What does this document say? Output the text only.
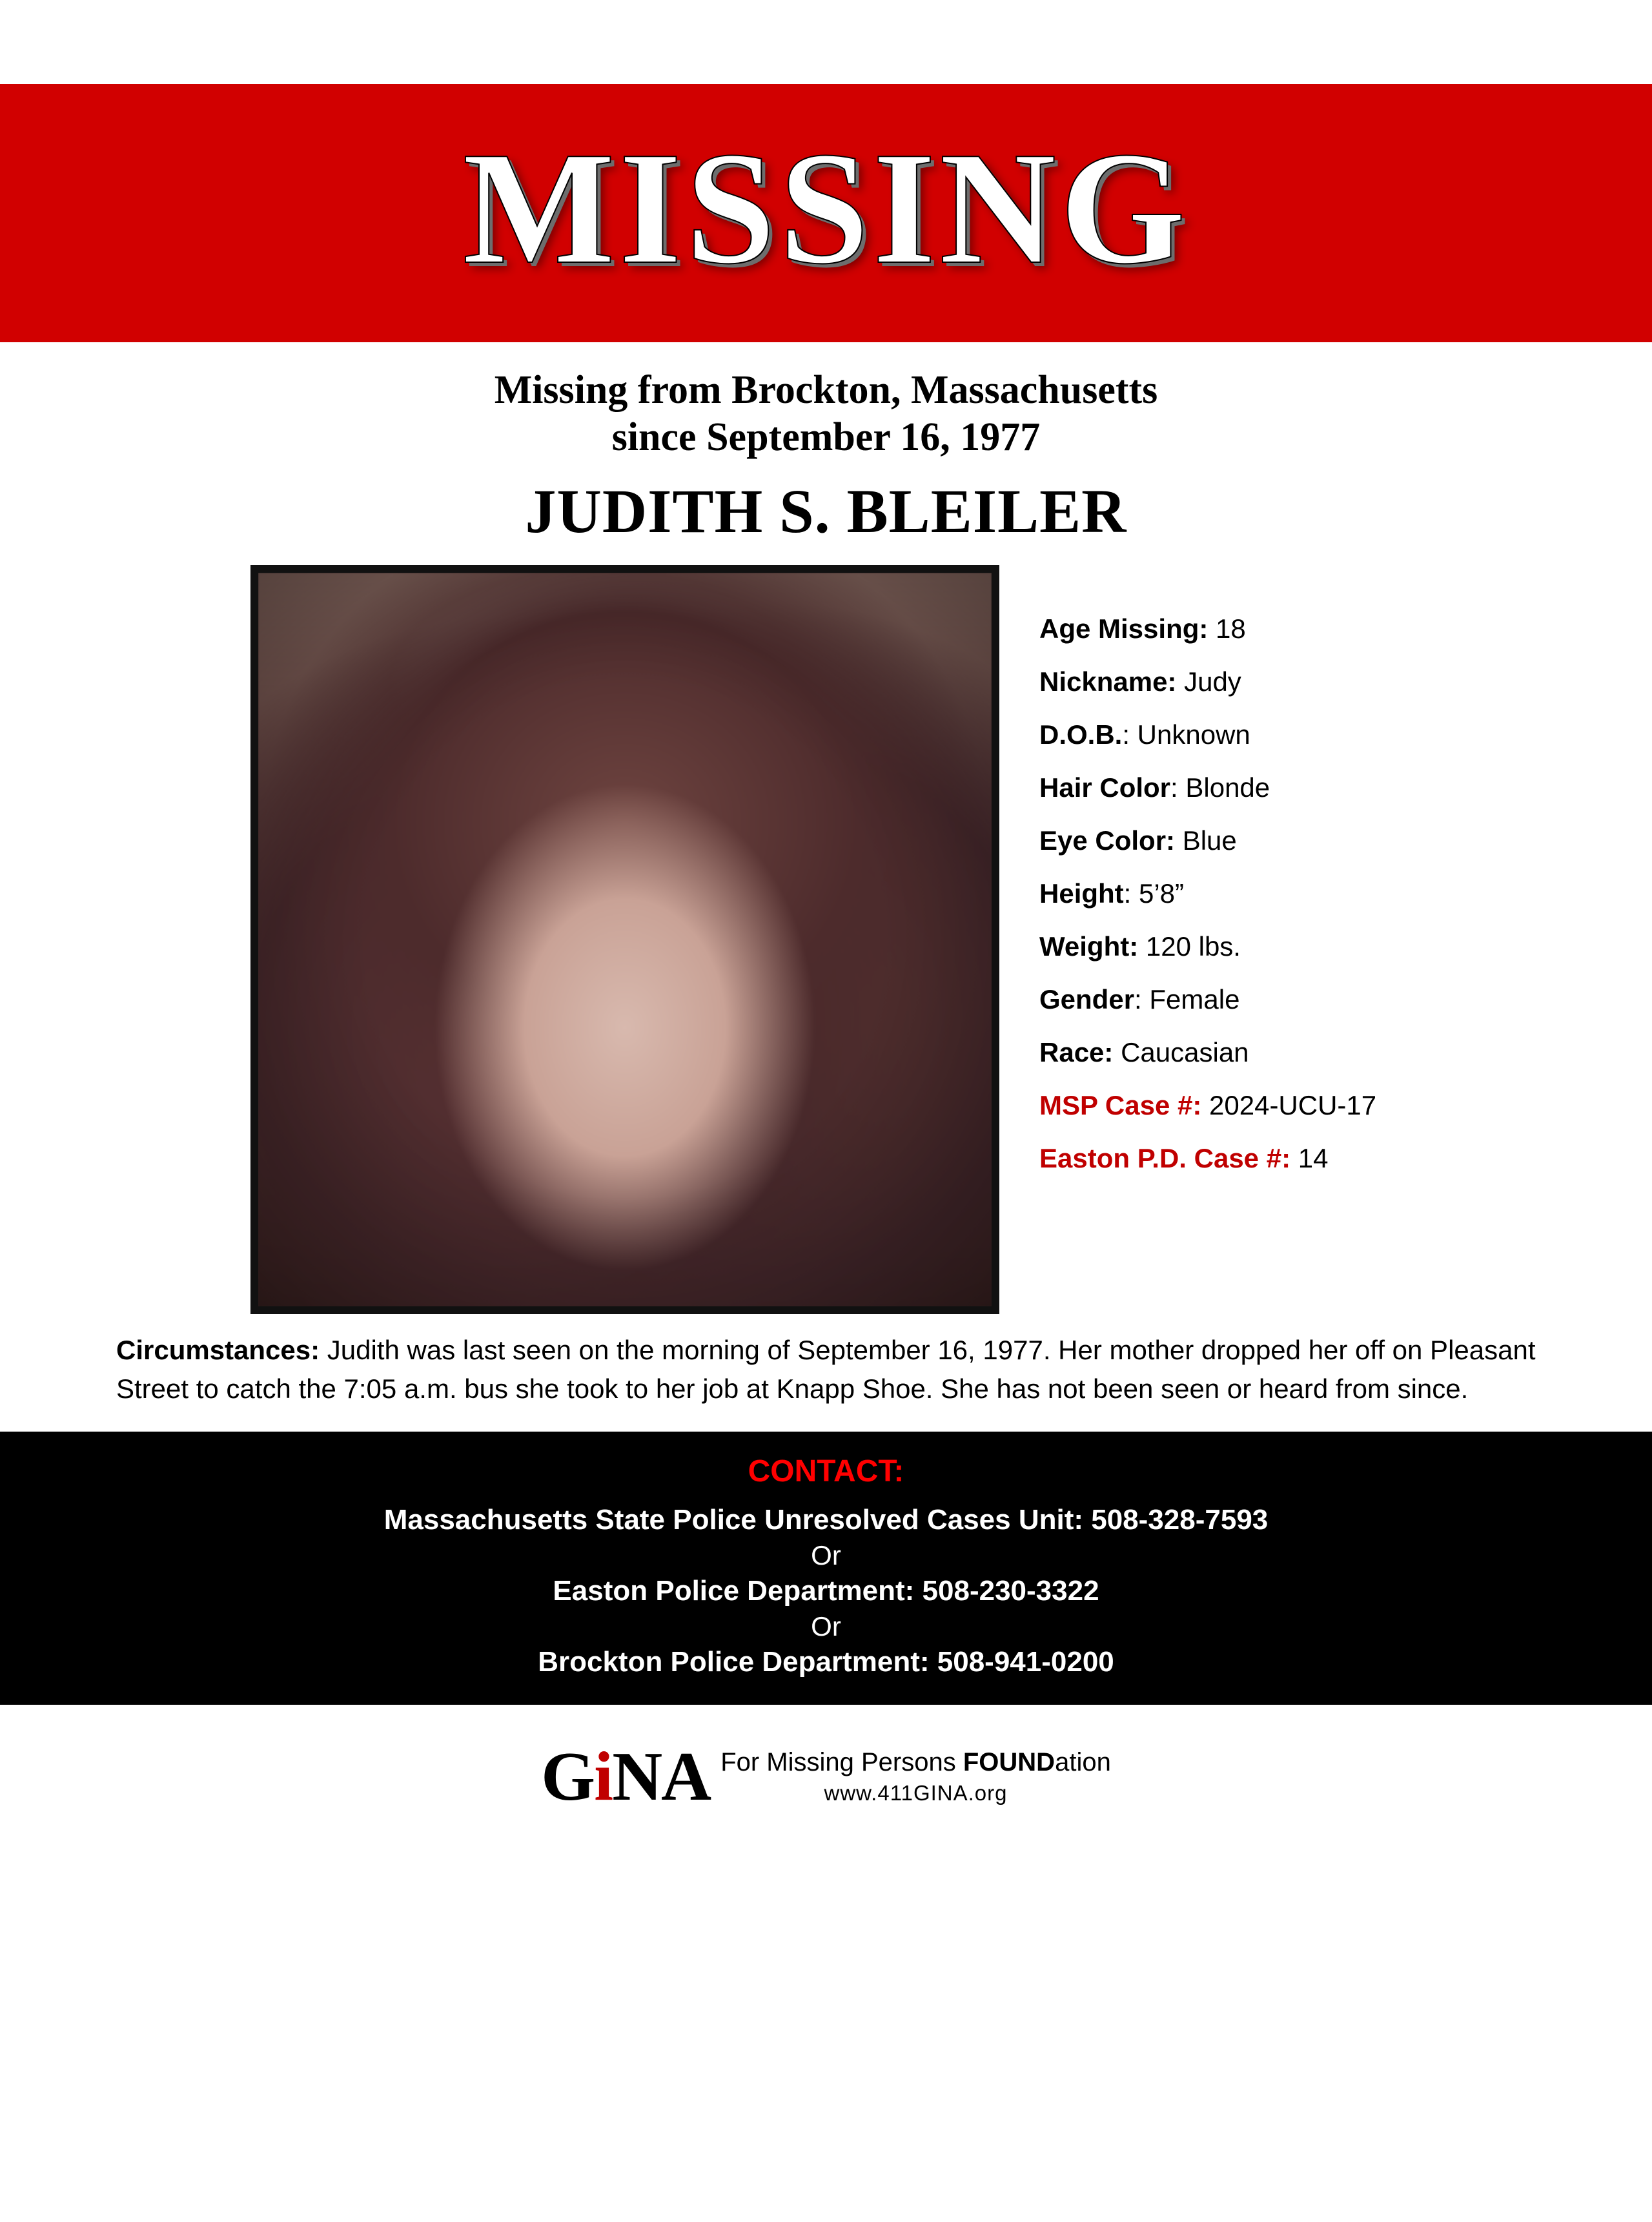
MISSING
Missing from Brockton, Massachusetts
since September 16, 1977
JUDITH S. BLEILER
Age Missing: 18
Nickname: Judy
D.O.B.: Unknown
Hair Color: Blonde
Eye Color: Blue
Height: 5’8”
Weight: 120 lbs.
Gender: Female
Race: Caucasian
MSP Case #: 2024-UCU-17
Easton P.D. Case #: 14
Circumstances: Judith was last seen on the morning of September 16, 1977. Her mother dropped her off on Pleasant Street to catch the 7:05 a.m. bus she took to her job at Knapp Shoe. She has not been seen or heard from since.
CONTACT:
Massachusetts State Police Unresolved Cases Unit: 508-328-7593
Or
Easton Police Department: 508-230-3322
Or
Brockton Police Department: 508-941-0200
GiNA For Missing Persons FOUNDation
www.411GINA.org
